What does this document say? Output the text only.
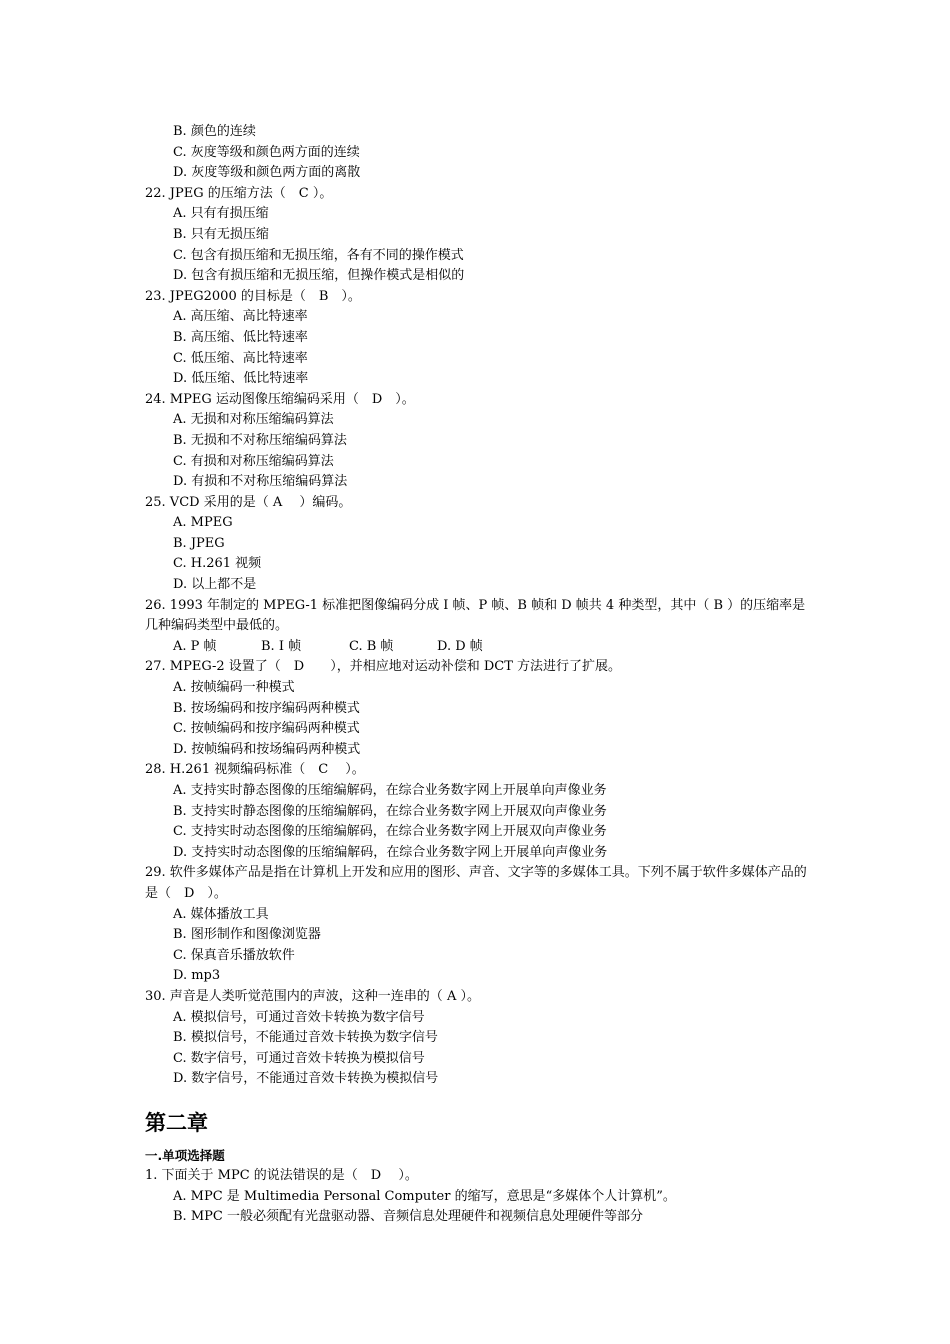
B. 颜色的连续
C. 灰度等级和颜色两方面的连续
D. 灰度等级和颜色两方面的离散
22. JPEG 的压缩方法（　C ）。
A. 只有有损压缩
B. 只有无损压缩
C. 包含有损压缩和无损压缩，各有不同的操作模式
D. 包含有损压缩和无损压缩，但操作模式是相似的
23. JPEG2000 的目标是（　B　）。
A. 高压缩、高比特速率
B. 高压缩、低比特速率
C. 低压缩、高比特速率
D. 低压缩、低比特速率
24. MPEG 运动图像压缩编码采用（　D　）。
A. 无损和对称压缩编码算法
B. 无损和不对称压缩编码算法
C. 有损和对称压缩编码算法
D. 有损和不对称压缩编码算法
25. VCD 采用的是（ A　 ）编码。
A. MPEG
B. JPEG
C. H.261 视频
D. 以上都不是
26. 1993 年制定的 MPEG-1 标准把图像编码分成 I 帧、P 帧、B 帧和 D 帧共 4 种类型，其中（ B ）的压缩率是几种编码类型中最低的。
A. P 帧	B. I 帧	C. B 帧	D. D 帧
27. MPEG-2 设置了（　D　　），并相应地对运动补偿和 DCT 方法进行了扩展。
A. 按帧编码一种模式
B. 按场编码和按序编码两种模式
C. 按帧编码和按序编码两种模式
D. 按帧编码和按场编码两种模式
28. H.261 视频编码标准（　C　 ）。
A. 支持实时静态图像的压缩编解码，在综合业务数字网上开展单向声像业务
B. 支持实时静态图像的压缩编解码，在综合业务数字网上开展双向声像业务
C. 支持实时动态图像的压缩编解码，在综合业务数字网上开展双向声像业务
D. 支持实时动态图像的压缩编解码，在综合业务数字网上开展单向声像业务
29. 软件多媒体产品是指在计算机上开发和应用的图形、声音、文字等的多媒体工具。下列不属于软件多媒体产品的是（　D　）。
A. 媒体播放工具
B. 图形制作和图像浏览器
C. 保真音乐播放软件
D. mp3
30. 声音是人类听觉范围内的声波，这种一连串的（ A ）。
A. 模拟信号，可通过音效卡转换为数字信号
B. 模拟信号，不能通过音效卡转换为数字信号
C. 数字信号，可通过音效卡转换为模拟信号
D. 数字信号，不能通过音效卡转换为模拟信号
第二章
一.单项选择题
1. 下面关于 MPC 的说法错误的是（　D　 ）。
A. MPC 是 Multimedia Personal Computer 的缩写，意思是“多媒体个人计算机”。
B. MPC 一般必须配有光盘驱动器、音频信息处理硬件和视频信息处理硬件等部分
